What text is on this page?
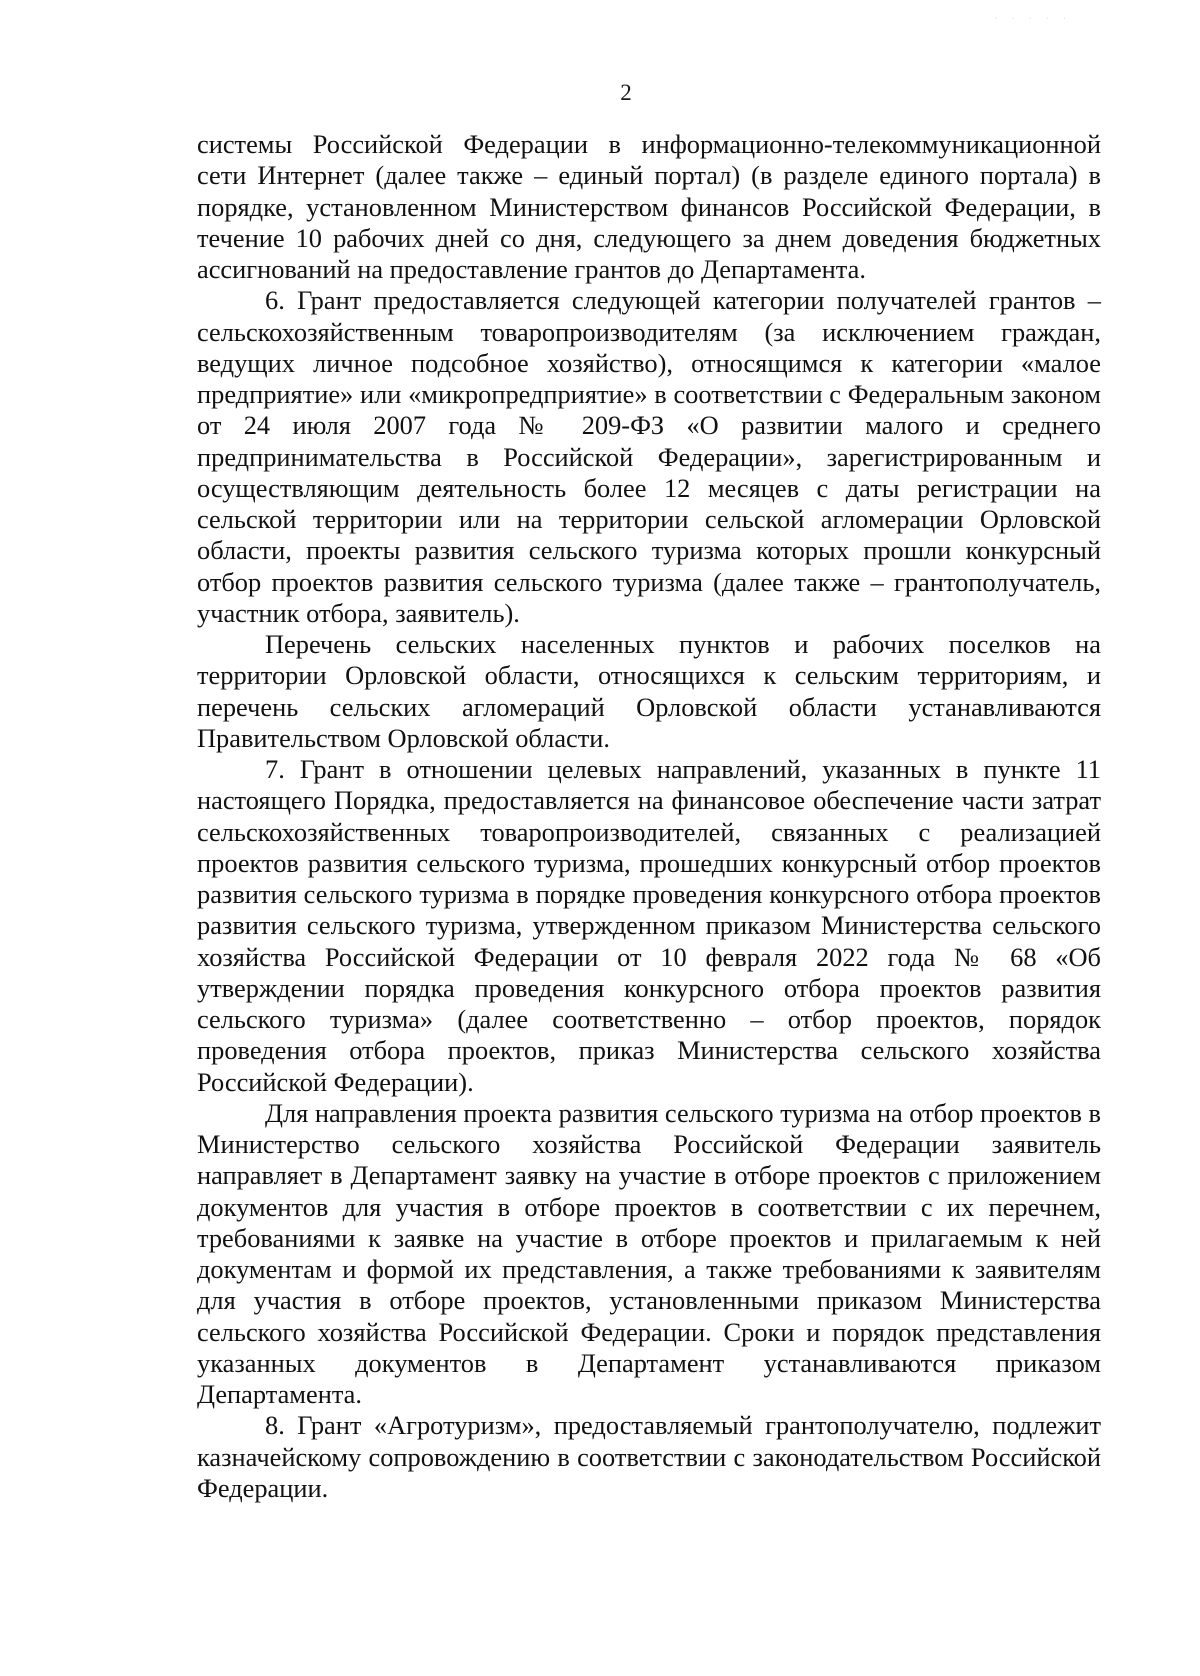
·····
2

системы Российской Федерации в информационно-телекоммуникационной сети Интернет (далее также – единый портал) (в разделе единого портала) в порядке, установленном Министерством финансов Российской Федерации, в течение 10 рабочих дней со дня, следующего за днем доведения бюджетных ассигнований на предоставление грантов до Департамента.

6. Грант предоставляется следующей категории получателей грантов – сельскохозяйственным товаропроизводителям (за исключением граждан, ведущих личное подсобное хозяйство), относящимся к категории «малое предприятие» или «микропредприятие» в соответствии с Федеральным законом от 24 июля 2007 года № 209-ФЗ «О развитии малого и среднего предпринимательства в Российской Федерации», зарегистрированным и осуществляющим деятельность более 12 месяцев с даты регистрации на сельской территории или на территории сельской агломерации Орловской области, проекты развития сельского туризма которых прошли конкурсный отбор проектов развития сельского туризма (далее также – грантополучатель, участник отбора, заявитель).

Перечень сельских населенных пунктов и рабочих поселков на территории Орловской области, относящихся к сельским территориям, и перечень сельских агломераций Орловской области устанавливаются Правительством Орловской области.

7. Грант в отношении целевых направлений, указанных в пункте 11 настоящего Порядка, предоставляется на финансовое обеспечение части затрат сельскохозяйственных товаропроизводителей, связанных с реализацией проектов развития сельского туризма, прошедших конкурсный отбор проектов развития сельского туризма в порядке проведения конкурсного отбора проектов развития сельского туризма, утвержденном приказом Министерства сельского хозяйства Российской Федерации от 10 февраля 2022 года № 68 «Об утверждении порядка проведения конкурсного отбора проектов развития сельского туризма» (далее соответственно – отбор проектов, порядок проведения отбора проектов, приказ Министерства сельского хозяйства Российской Федерации).

Для направления проекта развития сельского туризма на отбор проектов в Министерство сельского хозяйства Российской Федерации заявитель направляет в Департамент заявку на участие в отборе проектов с приложением документов для участия в отборе проектов в соответствии с их перечнем, требованиями к заявке на участие в отборе проектов и прилагаемым к ней документам и формой их представления, а также требованиями к заявителям для участия в отборе проектов, установленными приказом Министерства сельского хозяйства Российской Федерации. Сроки и порядок представления указанных документов в Департамент устанавливаются приказом Департамента.

8. Грант «Агротуризм», предоставляемый грантополучателю, подлежит казначейскому сопровождению в соответствии с законодательством Российской Федерации.
